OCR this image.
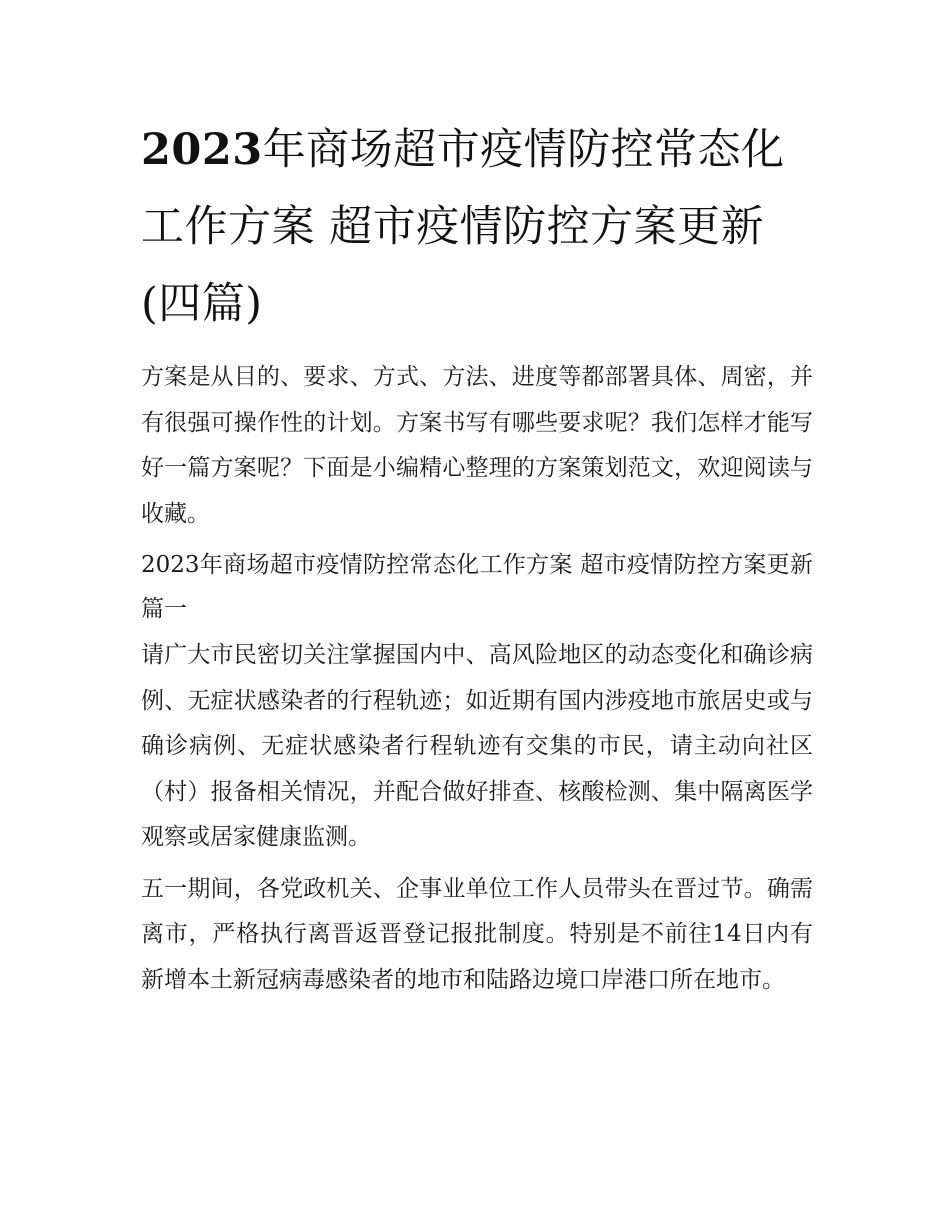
2023年商场超市疫情防控常态化工作方案 超市疫情防控方案更新(四篇)

方案是从目的、要求、方式、方法、进度等都部署具体、周密，并有很强可操作性的计划。方案书写有哪些要求呢？我们怎样才能写好一篇方案呢？下面是小编精心整理的方案策划范文，欢迎阅读与收藏。

2023年商场超市疫情防控常态化工作方案 超市疫情防控方案更新篇一

请广大市民密切关注掌握国内中、高风险地区的动态变化和确诊病例、无症状感染者的行程轨迹；如近期有国内涉疫地市旅居史或与确诊病例、无症状感染者行程轨迹有交集的市民，请主动向社区（村）报备相关情况，并配合做好排查、核酸检测、集中隔离医学观察或居家健康监测。

五一期间，各党政机关、企事业单位工作人员带头在晋过节。确需离市，严格执行离晋返晋登记报批制度。特别是不前往14日内有新增本土新冠病毒感染者的地市和陆路边境口岸港口所在地市。
